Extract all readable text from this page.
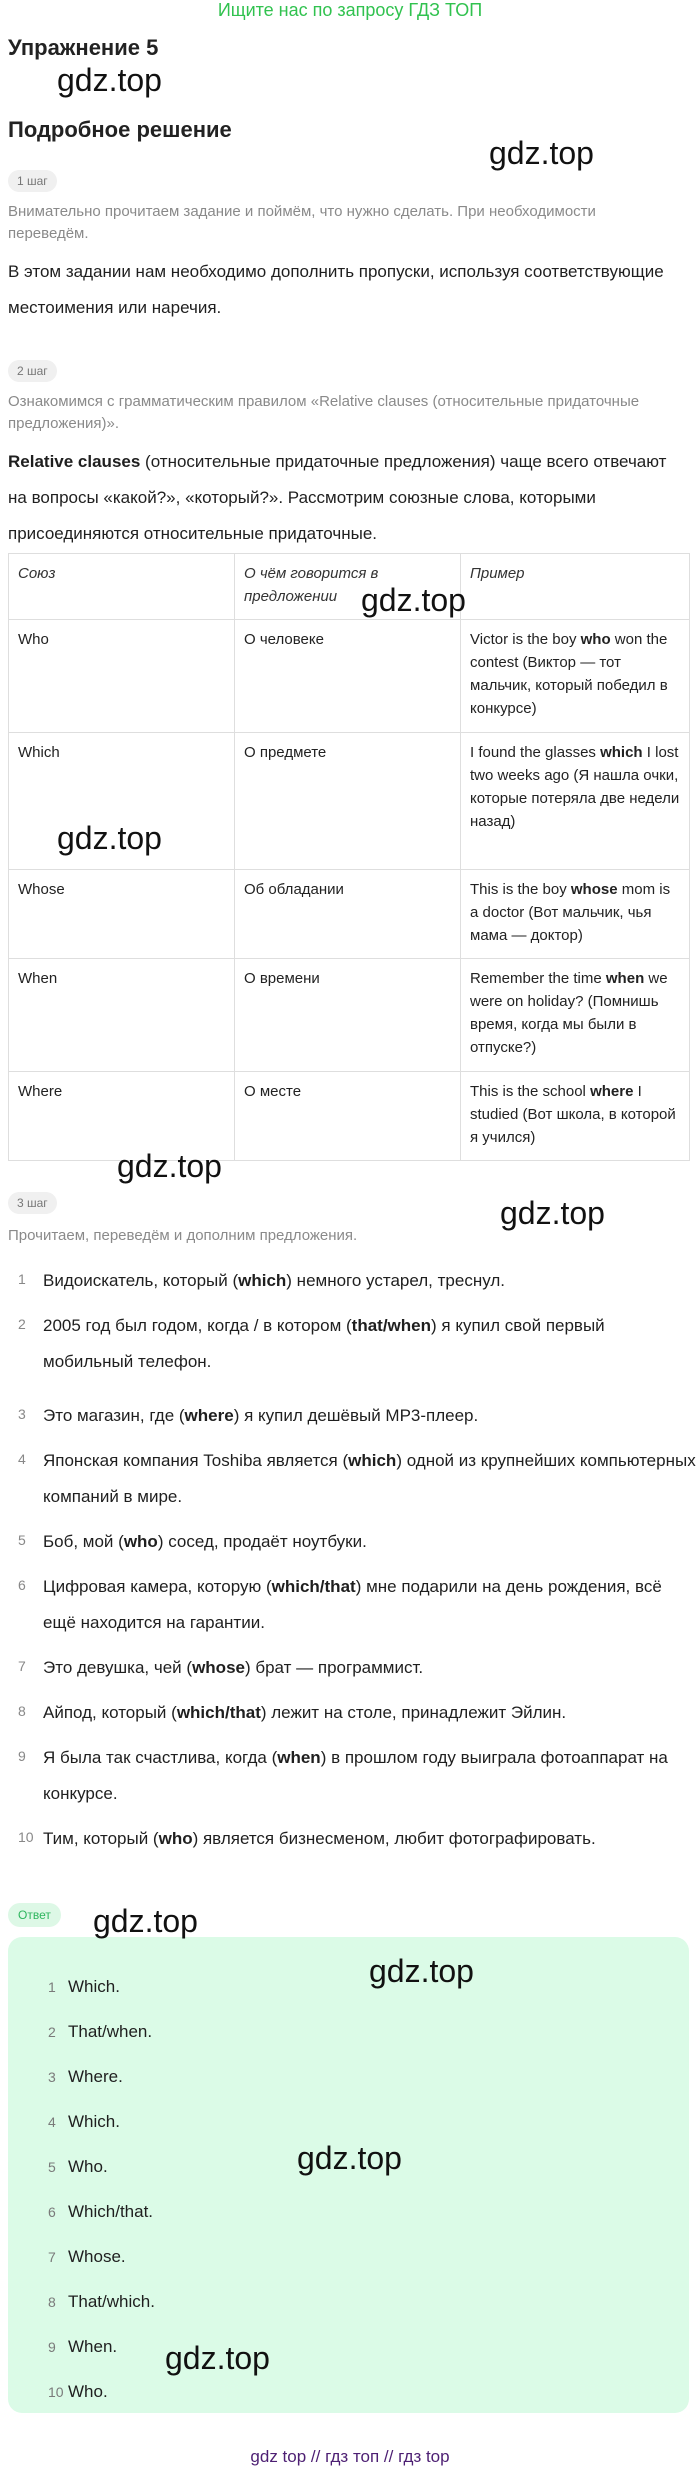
Ищите нас по запросу ГДЗ ТОП
Упражнение 5
Подробное решение
1 шаг
Внимательно прочитаем задание и поймём, что нужно сделать. При необходимости переведём.
В этом задании нам необходимо дополнить пропуски, используя соответствующие местоимения или наречия.
2 шаг
Ознакомимся с грамматическим правилом «Relative clauses (относительные придаточные предложения)».
Relative clauses (относительные придаточные предложения) чаще всего отвечают на вопросы «какой?», «который?». Рассмотрим союзные слова, которыми присоединяются относительные придаточные.
Союз	О чём говорится в предложении	Пример
Who	О человеке	Victor is the boy who won the contest (Виктор — тот мальчик, который победил в конкурсе)
Which	О предмете	I found the glasses which I lost two weeks ago (Я нашла очки, которые потеряла две недели назад)
Whose	Об обладании	This is the boy whose mom is a doctor (Вот мальчик, чья мама — доктор)
When	О времени	Remember the time when we were on holiday? (Помнишь время, когда мы были в отпуске?)
Where	О месте	This is the school where I studied (Вот школа, в которой я учился)
3 шаг
Прочитаем, переведём и дополним предложения.
1	Видоискатель, который (which) немного устарел, треснул.
2	2005 год был годом, когда / в котором (that/when) я купил свой первый мобильный телефон.
3	Это магазин, где (where) я купил дешёвый MP3-плеер.
4	Японская компания Toshiba является (which) одной из крупнейших компьютерных компаний в мире.
5	Боб, мой (who) сосед, продаёт ноутбуки.
6	Цифровая камера, которую (which/that) мне подарили на день рождения, всё ещё находится на гарантии.
7	Это девушка, чей (whose) брат — программист.
8	Айпод, который (which/that) лежит на столе, принадлежит Эйлин.
9	Я была так счастлива, когда (when) в прошлом году выиграла фотоаппарат на конкурсе.
10 Тим, который (who) является бизнесменом, любит фотографировать.
Ответ
1 Which.
2 That/when.
3 Where.
4 Which.
5 Who.
6 Which/that.
7 Whose.
8 That/which.
9 When.
10 Who.
gdz.top
gdz.top
gdz.top
gdz.top
gdz.top
gdz.top
gdz.top
gdz.top
gdz.top
gdz.top
gdz top // гдз топ // гдз top
